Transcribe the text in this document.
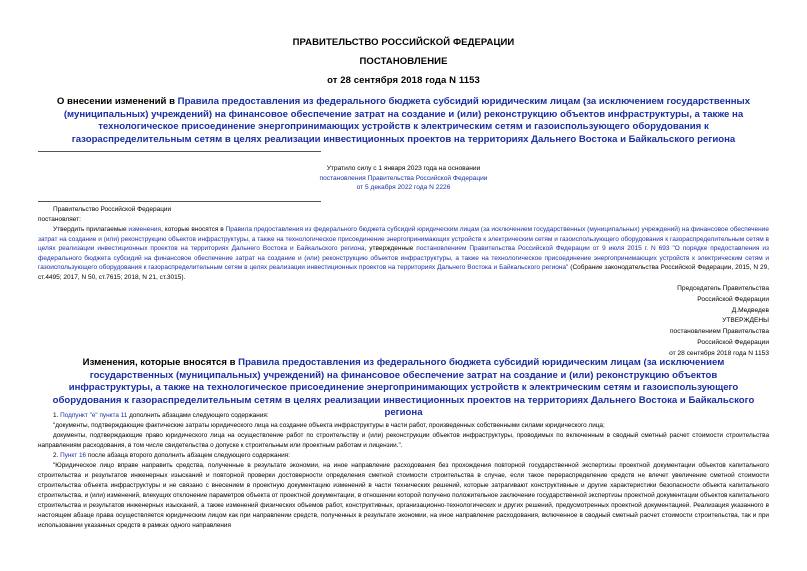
ПРАВИТЕЛЬСТВО РОССИЙСКОЙ ФЕДЕРАЦИИ
ПОСТАНОВЛЕНИЕ
от 28 сентября 2018 года N 1153
О внесении изменений в Правила предоставления из федерального бюджета субсидий юридическим лицам (за исключением государственных (муниципальных) учреждений) на финансовое обеспечение затрат на создание и (или) реконструкцию объектов инфраструктуры, а также на технологическое присоединение энергопринимающих устройств к электрическим сетям и газоиспользующего оборудования к газораспределительным сетям в целях реализации инвестиционных проектов на территориях Дальнего Востока и Байкальского региона
Утратило силу с 1 января 2023 года на основании
постановления Правительства Российской Федерации
от 5 декабря 2022 года N 2226
Правительство Российской Федерации
постановляет:
Утвердить прилагаемые изменения, которые вносятся в Правила предоставления из федерального бюджета субсидий юридическим лицам (за исключением государственных (муниципальных) учреждений) на финансовое обеспечение затрат на создание и (или) реконструкцию объектов инфраструктуры, а также на технологическое присоединение энергопринимающих устройств к электрическим сетям и газоиспользующего оборудования к газораспределительным сетям в целях реализации инвестиционных проектов на территориях Дальнего Востока и Байкальского региона, утвержденные постановлением Правительства Российской Федерации от 9 июля 2015 г. N 693 "О порядке предоставления из федерального бюджета субсидий на финансовое обеспечение затрат на создание и (или) реконструкцию объектов инфраструктуры, а также на технологическое присоединение энергопринимающих устройств к электрическим сетям и газоиспользующего оборудования к газораспределительным сетям в целях реализации инвестиционных проектов на территориях Дальнего Востока и Байкальского региона" (Собрание законодательства Российской Федерации, 2015, N 29, ст.4495; 2017, N 50, ст.7615; 2018, N 21, ст.3015).
Председатель Правительства
Российской Федерации
Д.Медведев
УТВЕРЖДЕНЫ
постановлением Правительства
Российской Федерации
от 28 сентября 2018 года N 1153
Изменения, которые вносятся в Правила предоставления из федерального бюджета субсидий юридическим лицам (за исключением государственных (муниципальных) учреждений) на финансовое обеспечение затрат на создание и (или) реконструкцию объектов инфраструктуры, а также на технологическое присоединение энергопринимающих устройств к электрическим сетям и газоиспользующего оборудования к газораспределительным сетям в целях реализации инвестиционных проектов на территориях Дальнего Востока и Байкальского региона

1. Подпункт "е" пункта 11 дополнить абзацами следующего содержания:

"документы, подтверждающие фактические затраты юридического лица на создание объекта инфраструктуры в части работ, произведенных собственными силами юридического лица;

документы, подтверждающие право юридического лица на осуществление работ по строительству и (или) реконструкции объектов инфраструктуры, проводимых по включенным в сводный сметный расчет стоимости строительства направлениям расходования, в том числе свидетельства о допуске к строительным или проектным работам и лицензии.".

2. Пункт 16 после абзаца второго дополнить абзацем следующего содержания:

"Юридическое лицо вправе направить средства, полученные в результате экономии, на иное направление расходования без прохождения повторной государственной экспертизы проектной документации объектов капитального строительства и результатов инженерных изысканий и повторной проверки достоверности определения сметной стоимости строительства в случае, если такое перераспределение средств не влечет увеличение сметной стоимости строительства объекта инфраструктуры и не связано с внесением в проектную документацию изменений в части технических решений, которые затрагивают конструктивные и другие характеристики безопасности объекта капитального строительства, и (или) изменений, влекущих отклонение параметров объекта от проектной документации, в отношении которой получено положительное заключение государственной экспертизы проектной документации объектов капитального строительства и результатов инженерных изысканий, а также изменений физических объемов работ, конструктивных, организационно-технологических и других решений, предусмотренных проектной документацией. Реализация указанного в настоящем абзаце права осуществляется юридическим лицом как при направлении средств, полученных в результате экономии, на иное направление расходования, включенное в сводный сметный расчет стоимости строительства, так и при использовании указанных средств в рамках одного направления
